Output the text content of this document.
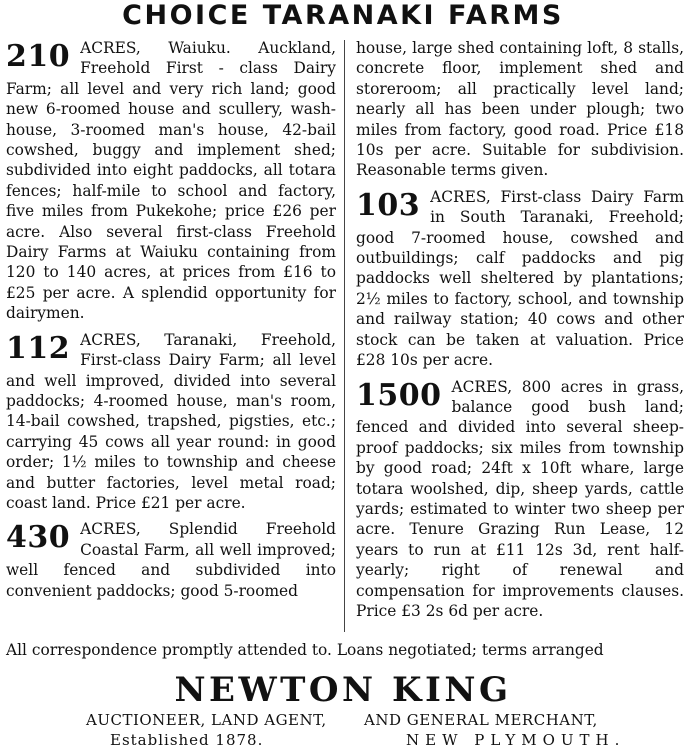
CHOICE TARANAKI FARMS

210 ACRES, Waiuku. Auckland, Freehold First - class Dairy Farm; all level and very rich land; good new 6-roomed house and scullery, wash-house, 3-roomed man's house, 42-bail cowshed, buggy and implement shed; subdivided into eight paddocks, all totara fences; half-mile to school and factory, five miles from Pukekohe; price £26 per acre. Also several first-class Freehold Dairy Farms at Waiuku containing from 120 to 140 acres, at prices from £16 to £25 per acre. A splendid opportunity for dairymen.

112 ACRES, Taranaki, Freehold, First-class Dairy Farm; all level and well improved, divided into several paddocks; 4-roomed house, man's room, 14-bail cowshed, trapshed, pigsties, etc.; carrying 45 cows all year round: in good order; 1½ miles to township and cheese and butter factories, level metal road; coast land. Price £21 per acre.

430 ACRES, Splendid Freehold Coastal Farm, all well improved; well fenced and subdivided into convenient paddocks; good 5-roomed

house, large shed containing loft, 8 stalls, concrete floor, implement shed and storeroom; all practically level land; nearly all has been under plough; two miles from factory, good road. Price £18 10s per acre. Suitable for subdivision. Reasonable terms given.

103 ACRES, First-class Dairy Farm in South Taranaki, Freehold; good 7-roomed house, cowshed and outbuildings; calf paddocks and pig paddocks well sheltered by plantations; 2½ miles to factory, school, and township and railway station; 40 cows and other stock can be taken at valuation. Price £28 10s per acre.

1500 ACRES, 800 acres in grass, balance good bush land; fenced and divided into several sheep-proof paddocks; six miles from township by good road; 24ft x 10ft whare, large totara woolshed, dip, sheep yards, cattle yards; estimated to winter two sheep per acre. Tenure Grazing Run Lease, 12 years to run at £11 12s 3d, rent half-yearly; right of renewal and compensation for improvements clauses. Price £3 2s 6d per acre.

All correspondence promptly attended to. Loans negotiated; terms arranged
NEWTON KING
AUCTIONEER, LAND AGENT, AND GENERAL MERCHANT,
Established 1878.	NEW PLYMOUTH.
